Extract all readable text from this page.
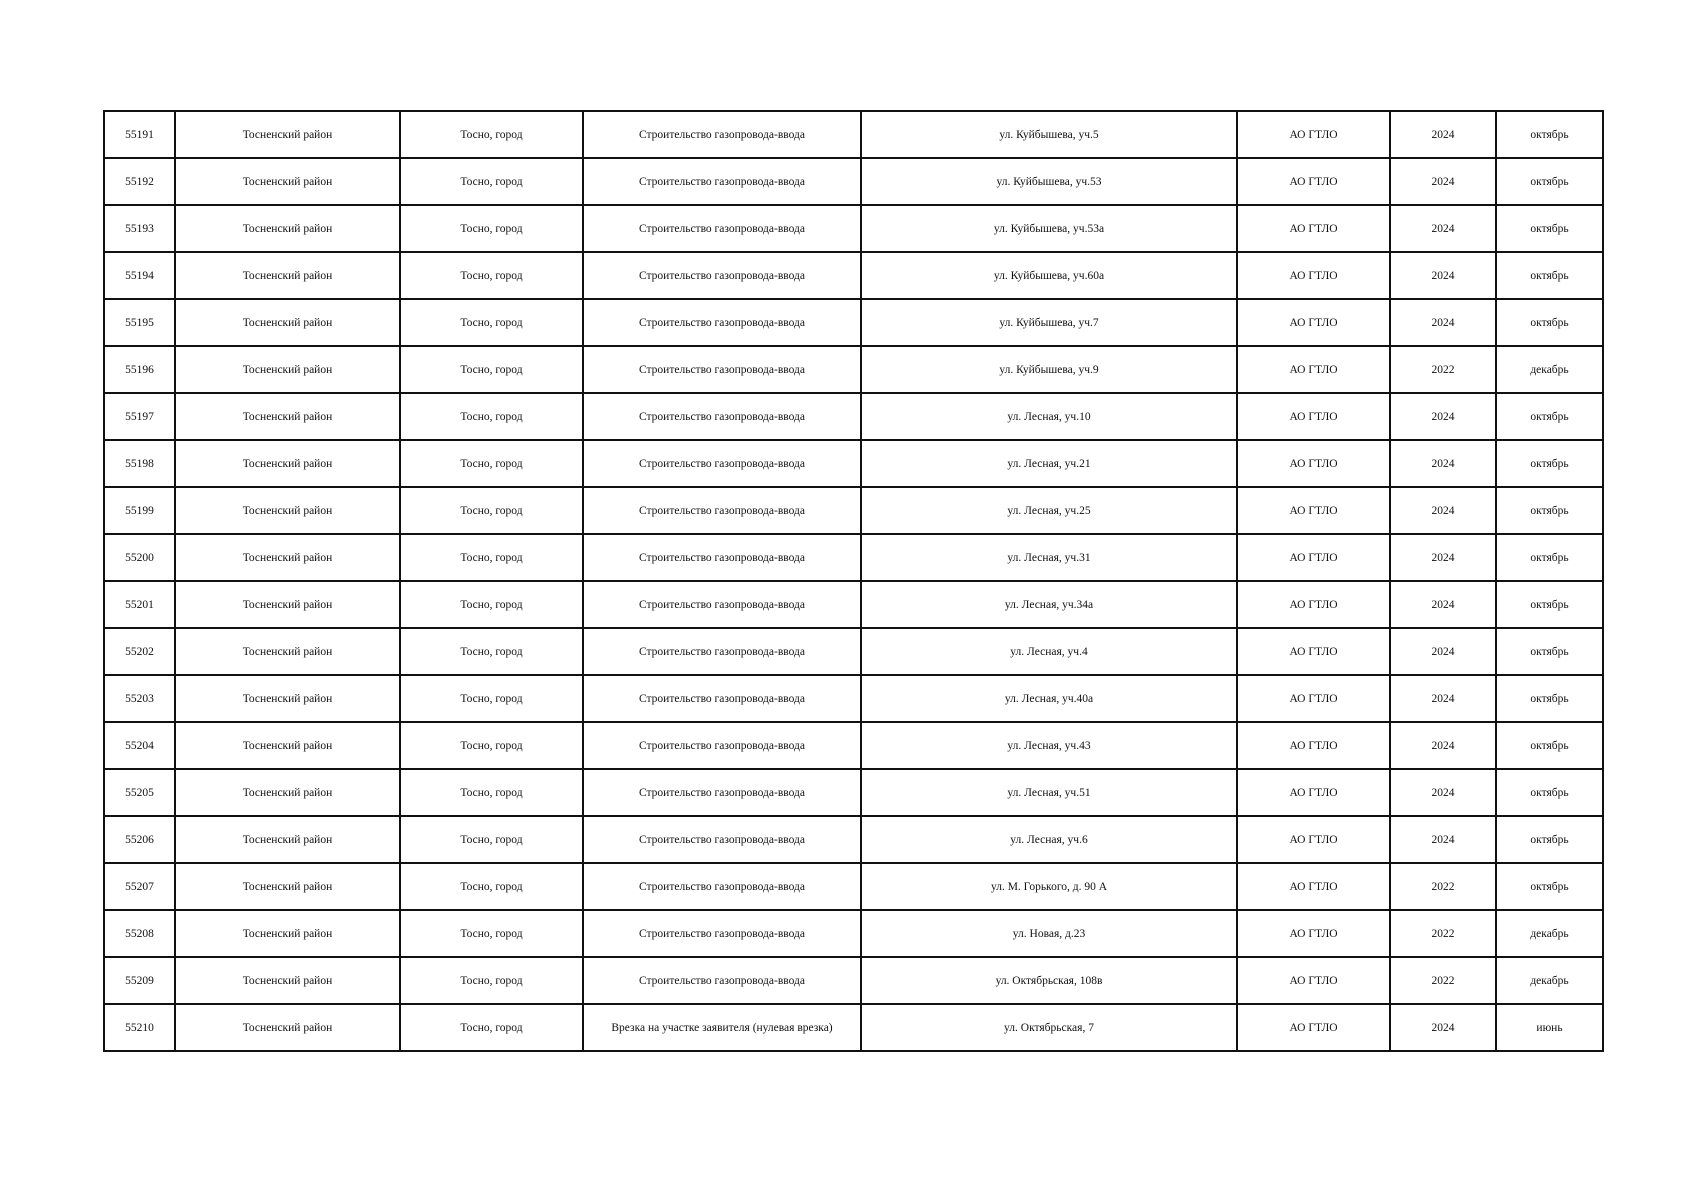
55191	Тосненский район	Тосно, город	Строительство газопровода-ввода	ул. Куйбышева, уч.5	АО ГТЛО	2024	октябрь
55192	Тосненский район	Тосно, город	Строительство газопровода-ввода	ул. Куйбышева, уч.53	АО ГТЛО	2024	октябрь
55193	Тосненский район	Тосно, город	Строительство газопровода-ввода	ул. Куйбышева, уч.53а	АО ГТЛО	2024	октябрь
55194	Тосненский район	Тосно, город	Строительство газопровода-ввода	ул. Куйбышева, уч.60а	АО ГТЛО	2024	октябрь
55195	Тосненский район	Тосно, город	Строительство газопровода-ввода	ул. Куйбышева, уч.7	АО ГТЛО	2024	октябрь
55196	Тосненский район	Тосно, город	Строительство газопровода-ввода	ул. Куйбышева, уч.9	АО ГТЛО	2022	декабрь
55197	Тосненский район	Тосно, город	Строительство газопровода-ввода	ул. Лесная, уч.10	АО ГТЛО	2024	октябрь
55198	Тосненский район	Тосно, город	Строительство газопровода-ввода	ул. Лесная, уч.21	АО ГТЛО	2024	октябрь
55199	Тосненский район	Тосно, город	Строительство газопровода-ввода	ул. Лесная, уч.25	АО ГТЛО	2024	октябрь
55200	Тосненский район	Тосно, город	Строительство газопровода-ввода	ул. Лесная, уч.31	АО ГТЛО	2024	октябрь
55201	Тосненский район	Тосно, город	Строительство газопровода-ввода	ул. Лесная, уч.34а	АО ГТЛО	2024	октябрь
55202	Тосненский район	Тосно, город	Строительство газопровода-ввода	ул. Лесная, уч.4	АО ГТЛО	2024	октябрь
55203	Тосненский район	Тосно, город	Строительство газопровода-ввода	ул. Лесная, уч.40а	АО ГТЛО	2024	октябрь
55204	Тосненский район	Тосно, город	Строительство газопровода-ввода	ул. Лесная, уч.43	АО ГТЛО	2024	октябрь
55205	Тосненский район	Тосно, город	Строительство газопровода-ввода	ул. Лесная, уч.51	АО ГТЛО	2024	октябрь
55206	Тосненский район	Тосно, город	Строительство газопровода-ввода	ул. Лесная, уч.6	АО ГТЛО	2024	октябрь
55207	Тосненский район	Тосно, город	Строительство газопровода-ввода	ул. М. Горького, д. 90 А	АО ГТЛО	2022	октябрь
55208	Тосненский район	Тосно, город	Строительство газопровода-ввода	ул. Новая, д.23	АО ГТЛО	2022	декабрь
55209	Тосненский район	Тосно, город	Строительство газопровода-ввода	ул. Октябрьская, 108в	АО ГТЛО	2022	декабрь
55210	Тосненский район	Тосно, город	Врезка на участке заявителя (нулевая врезка)	ул. Октябрьская, 7	АО ГТЛО	2024	июнь
